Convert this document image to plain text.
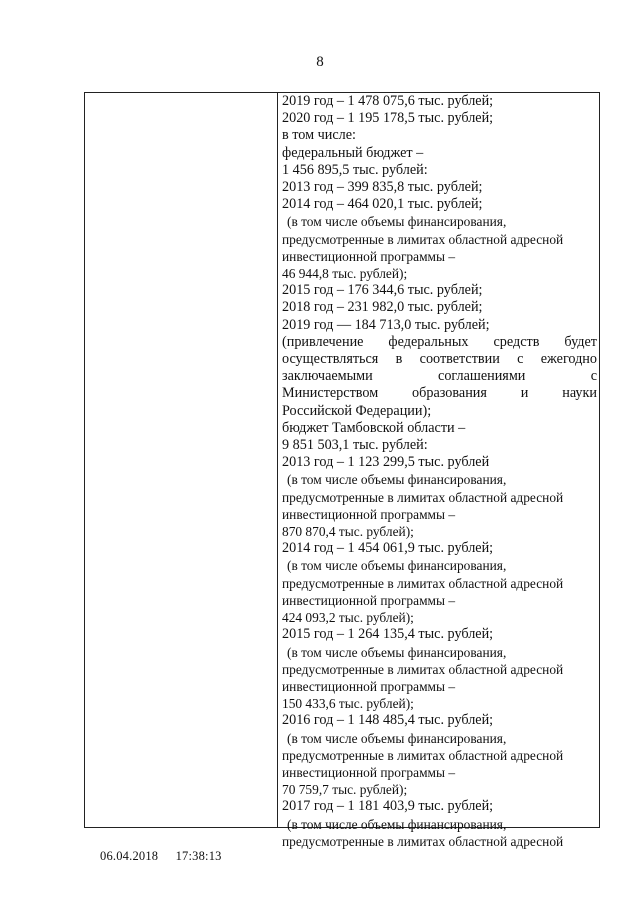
8
2019 год – 1 478 075,6 тыс. рублей;
2020 год – 1 195 178,5 тыс. рублей;
в том числе:
федеральный бюджет –
1 456 895,5 тыс. рублей:
2013 год – 399 835,8 тыс. рублей;
2014 год – 464 020,1 тыс. рублей;
(в том числе объемы финансирования,
предусмотренные в лимитах областной адресной
инвестиционной программы –
46 944,8 тыс. рублей);
2015 год – 176 344,6 тыс. рублей;
2018 год – 231 982,0 тыс. рублей;
2019 год — 184 713,0 тыс. рублей;
(привлечение федеральных средств будет
осуществляться в соответствии с ежегодно
заключаемыми соглашениями с
Министерством образования и науки
Российской Федерации);
бюджет Тамбовской области –
9 851 503,1 тыс. рублей:
2013 год – 1 123 299,5 тыс. рублей
(в том числе объемы финансирования,
предусмотренные в лимитах областной адресной
инвестиционной программы –
870 870,4 тыс. рублей);
2014 год – 1 454 061,9 тыс. рублей;
(в том числе объемы финансирования,
предусмотренные в лимитах областной адресной
инвестиционной программы –
424 093,2 тыс. рублей);
2015 год – 1 264 135,4 тыс. рублей;
(в том числе объемы финансирования,
предусмотренные в лимитах областной адресной
инвестиционной программы –
150 433,6 тыс. рублей);
2016 год – 1 148 485,4 тыс. рублей;
(в том числе объемы финансирования,
предусмотренные в лимитах областной адресной
инвестиционной программы –
70 759,7 тыс. рублей);
2017 год – 1 181 403,9 тыс. рублей;
(в том числе объемы финансирования,
предусмотренные в лимитах областной адресной
06.04.2018 17:38:13
